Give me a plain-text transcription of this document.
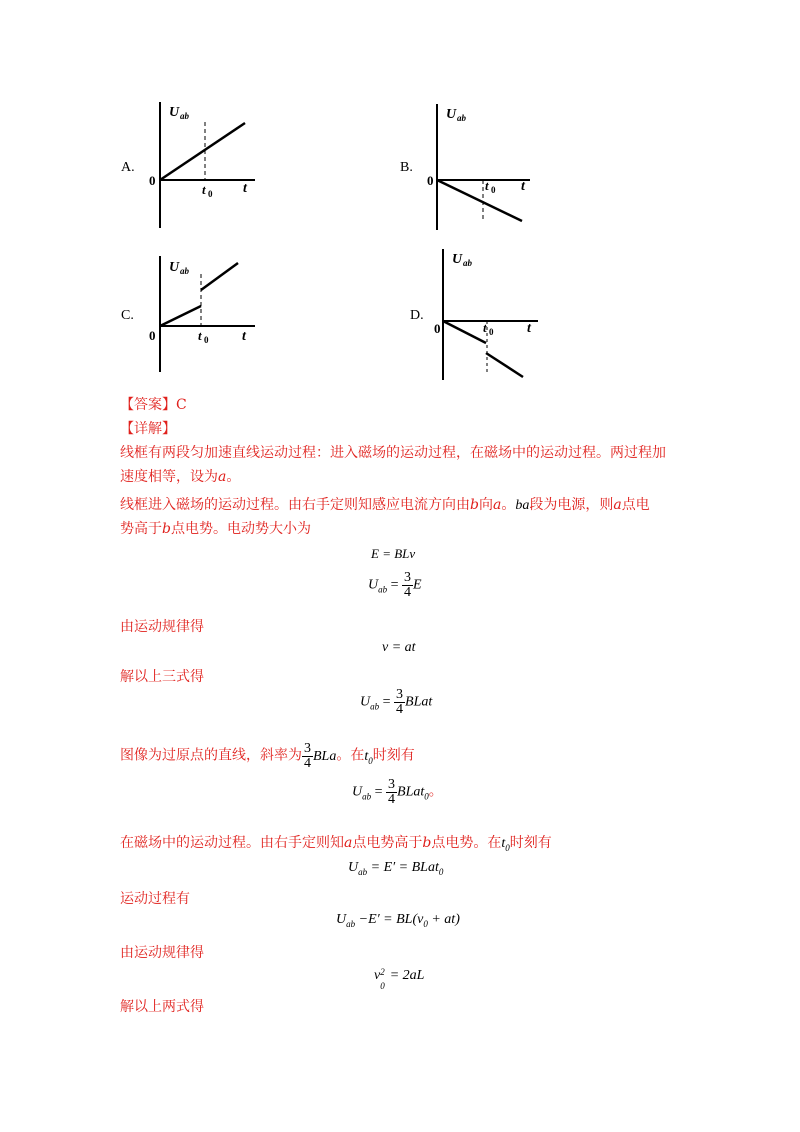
A.
U ab
0
t 0 t
B.
U ab
0	t 0 t
C.
U ab
0	t 0 t
D.
U ab
0	t 0 t
【答案】C
【详解】
线框有两段匀加速直线运动过程：进入磁场的运动过程，在磁场中的运动过程。两过程加
速度相等，设为a。
线框进入磁场的运动过程。由右手定则知感应电流方向由b向a。ba段为电源，则a点电
势高于b点电势。电动势大小为
E = BLv
$U_{ab} = \frac{3}{4}$ E
由运动规律得
v = at
解以上三式得
$U_{ab} = \frac{3}{4}$ BLat
图像为过原点的直线，斜率为 $\frac{3}{4}$ BLa。在$t_0$时刻有
$U_{ab} = \frac{3}{4}$ BLat$_0$。
在磁场中的运动过程。由右手定则知a点电势高于b点电势。在$t_0$时刻有
$U_{ab} = E'$ = BLat$_0$
运动过程有
$U_{ab} -E' = BL(v_0 + at)$
由运动规律得
v 2
0
= 2aL
解以上两式得
